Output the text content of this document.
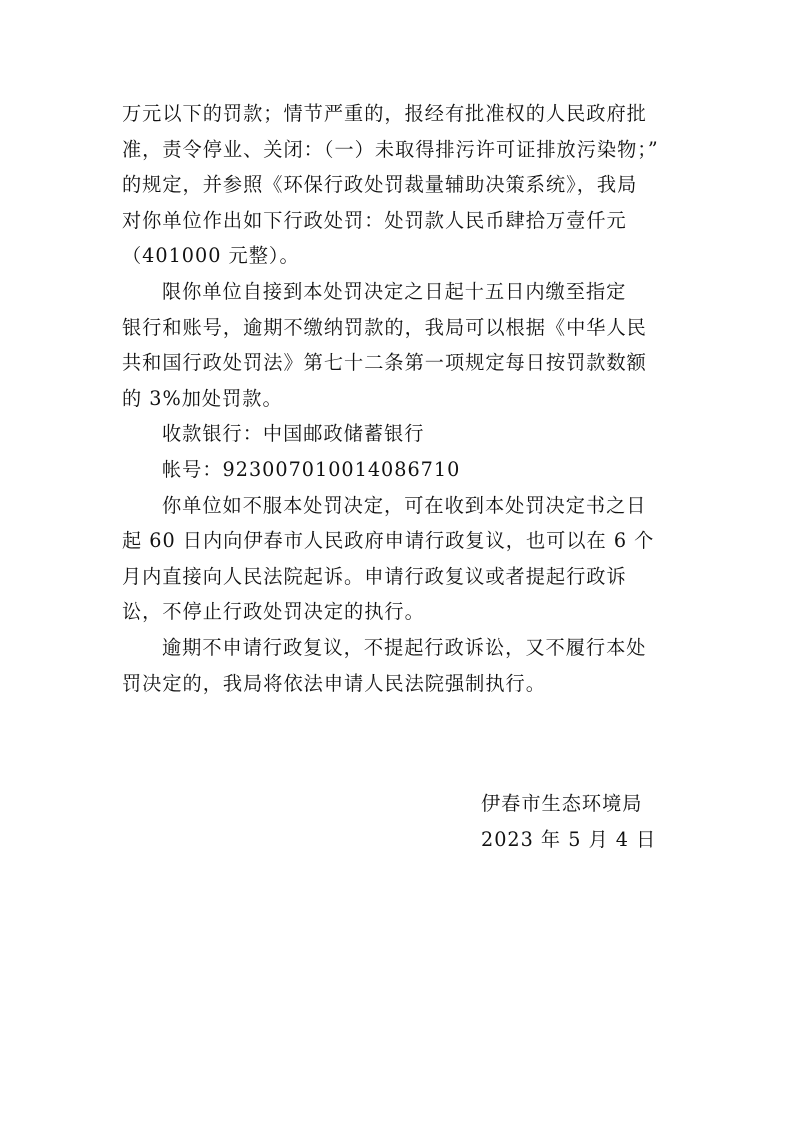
万元以下的罚款；情节严重的，报经有批准权的人民政府批
准，责令停业、关闭：（一）未取得排污许可证排放污染物；”
的规定，并参照《环保行政处罚裁量辅助决策系统》，我局
对你单位作出如下行政处罚：处罚款人民币肆拾万壹仟元
（401000 元整）。
限你单位自接到本处罚决定之日起十五日内缴至指定
银行和账号，逾期不缴纳罚款的，我局可以根据《中华人民
共和国行政处罚法》第七十二条第一项规定每日按罚款数额
的 3%加处罚款。
收款银行：中国邮政储蓄银行
帐号：923007010014086710
你单位如不服本处罚决定，可在收到本处罚决定书之日
起 60 日内向伊春市人民政府申请行政复议，也可以在 6 个
月内直接向人民法院起诉。申请行政复议或者提起行政诉
讼，不停止行政处罚决定的执行。
逾期不申请行政复议，不提起行政诉讼，又不履行本处
罚决定的，我局将依法申请人民法院强制执行。
伊春市生态环境局
2023 年 5 月 4 日
